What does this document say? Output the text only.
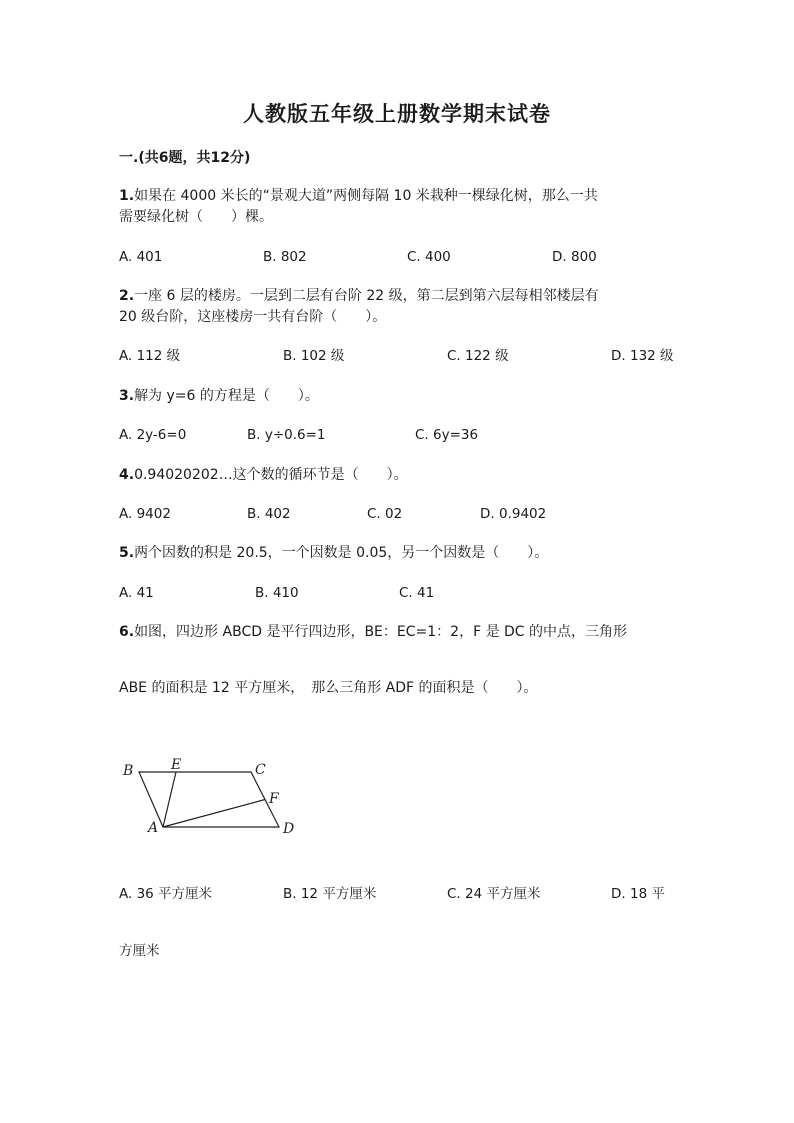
人教版五年级上册数学期末试卷
一.(共6题，共12分)
1.如果在 4000 米长的“景观大道”两侧每隔 10 米栽种一棵绿化树，那么一共
需要绿化树（　　）棵。
A. 401	B. 802	C. 400	D. 800
2.一座 6 层的楼房。一层到二层有台阶 22 级，第二层到第六层每相邻楼层有
20 级台阶，这座楼房一共有台阶（　　）。
A. 112 级	B. 102 级	C. 122 级	D. 132 级
3.解为 y=6 的方程是（　　）。
A. 2y-6=0	B. y÷0.6=1	C. 6y=36
4.0.94020202…这个数的循环节是（　　）。
A. 9402	B. 402	C. 02	D. 0.9402
5.两个因数的积是 20.5，一个因数是 0.05，另一个因数是（　　）。
A. 41	B. 410	C. 41
6.如图，四边形 ABCD 是平行四边形，BE：EC=1：2，F 是 DC 的中点，三角形
ABE 的面积是 12 平方厘米，　那么三角形 ADF 的面积是（　　）。
B	E	C
F
A	D
A. 36 平方厘米	B. 12 平方厘米	C. 24 平方厘米	D. 18 平
方厘米
